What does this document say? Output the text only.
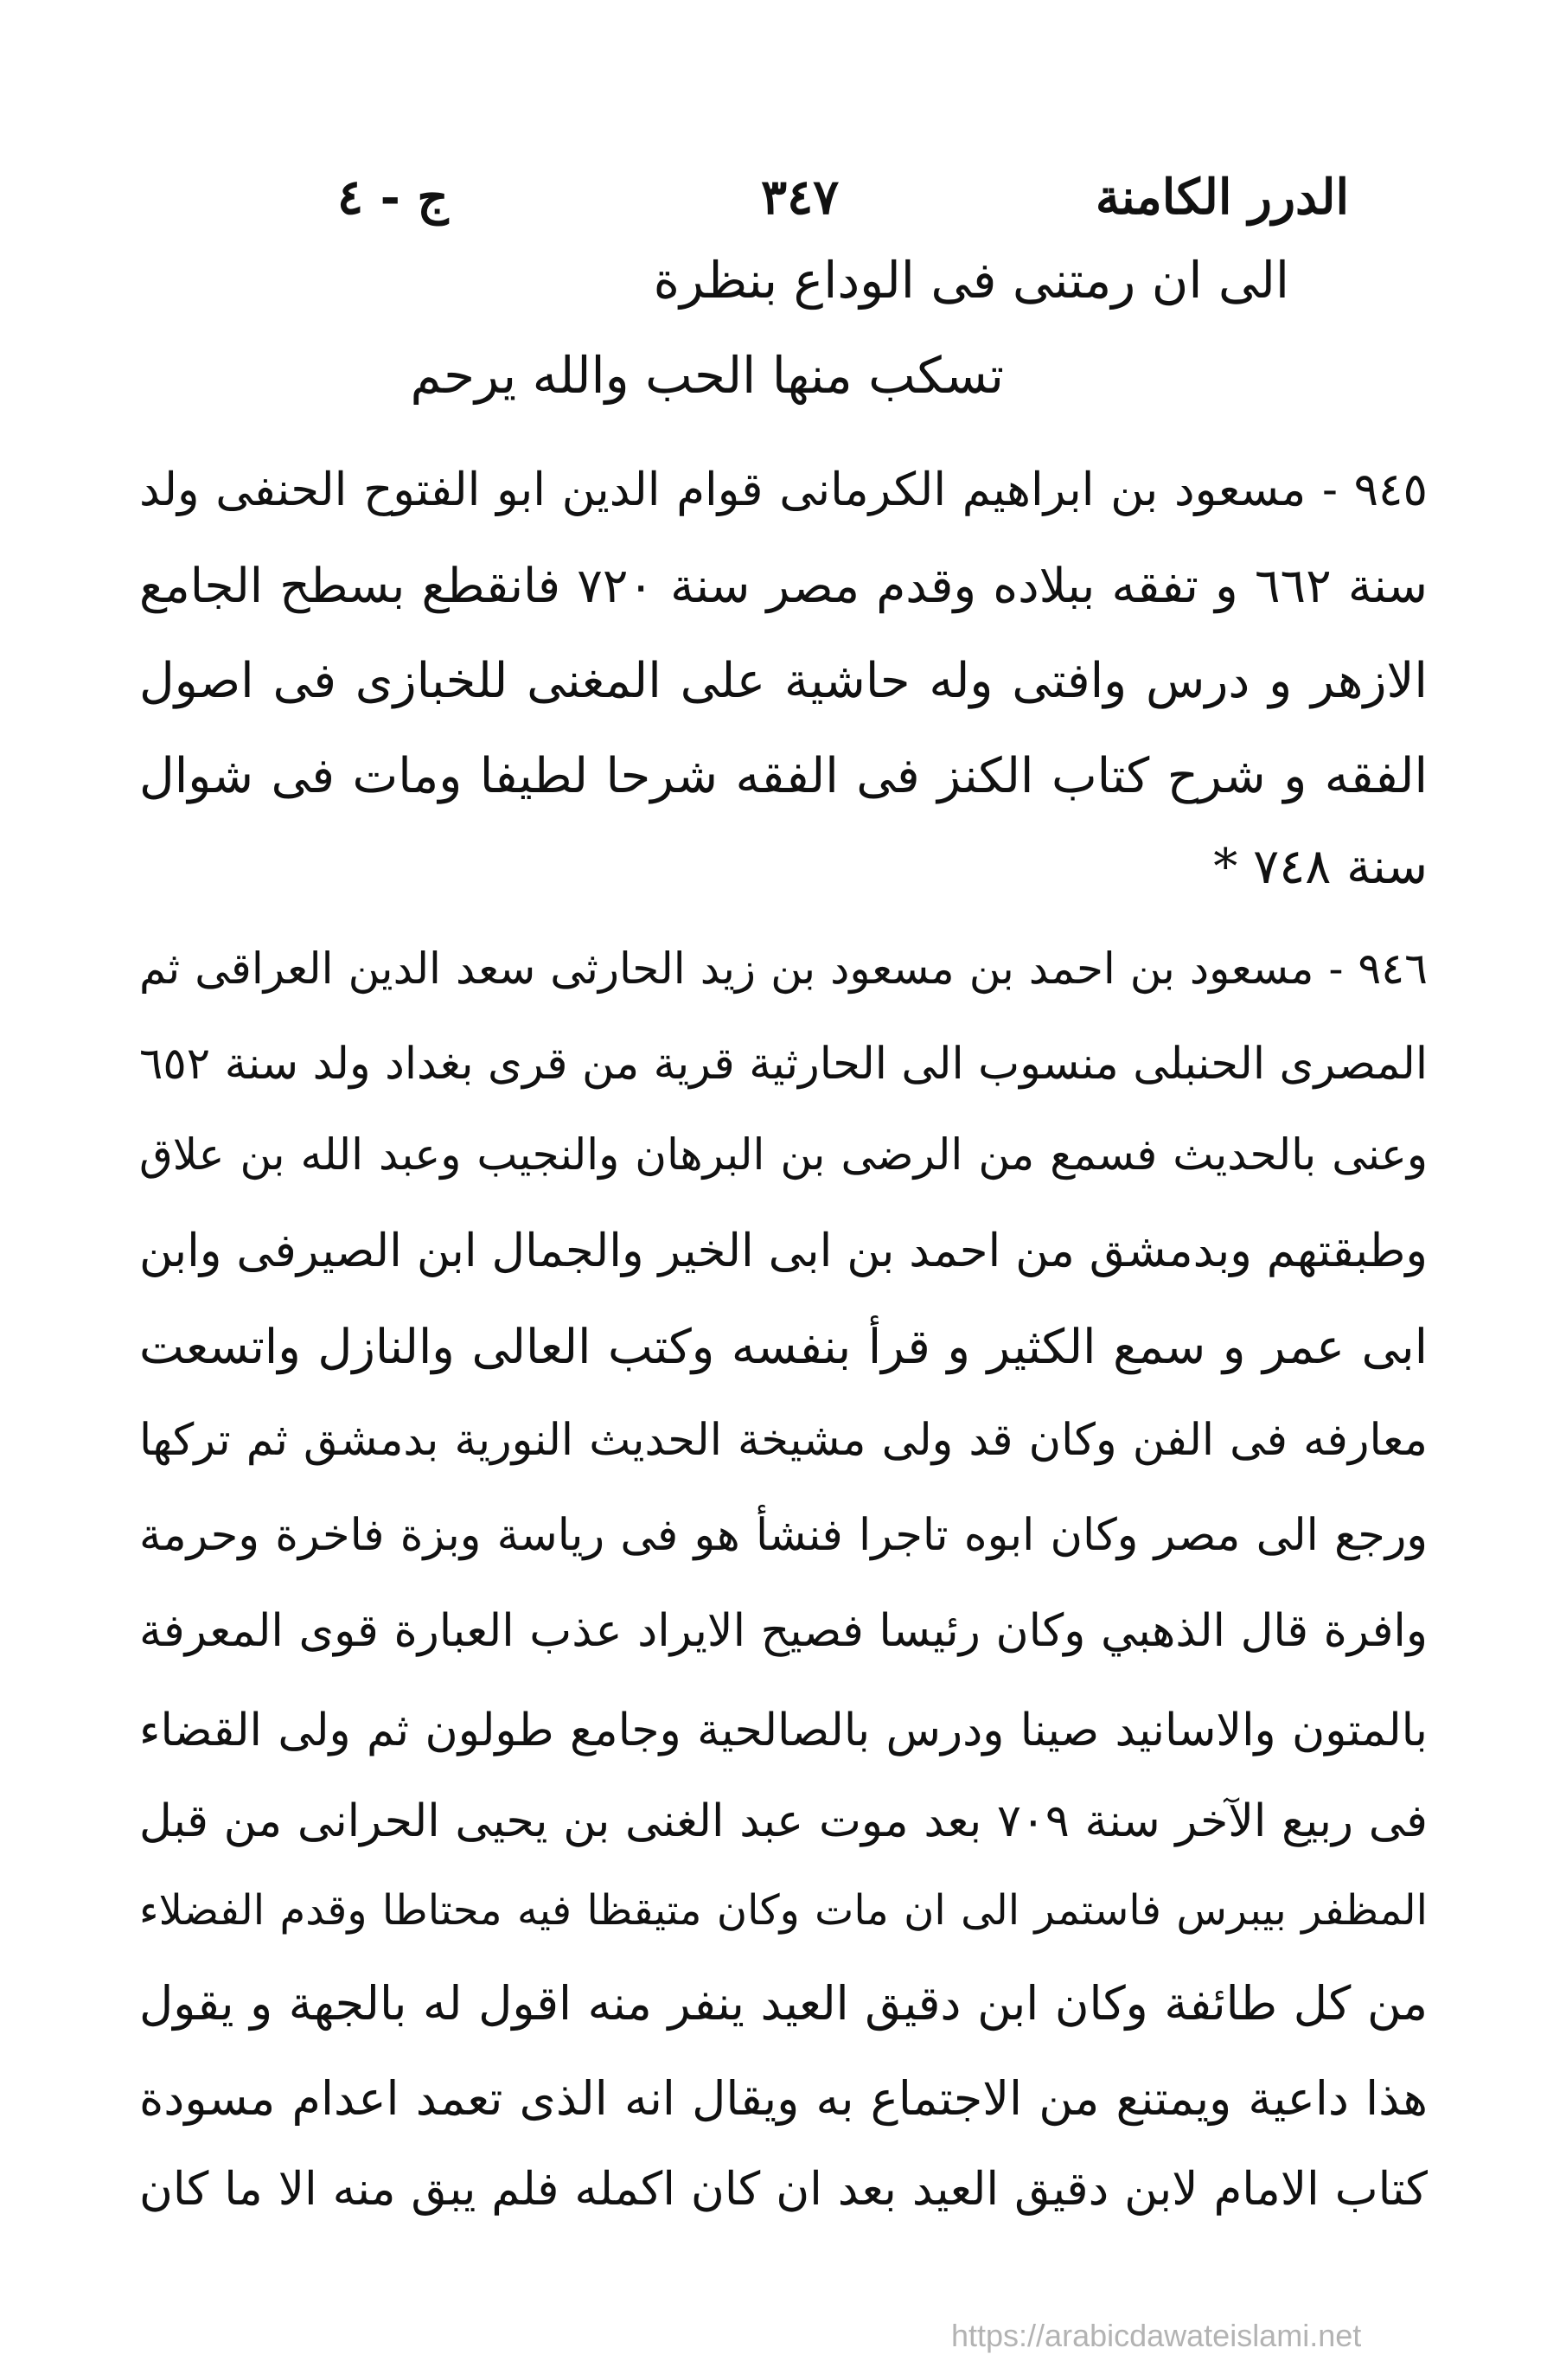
الدرر الكامنة
٣٤٧
ج - ٤
الى ان رمتنى فى الوداع بنظرة
تسكب منها الحب والله يرحم
٩٤٥ - مسعود بن ابراهيم الكرمانى قوام الدين ابو الفتوح الحنفى ولد
سنة ٦٦٢ و تفقه ببلاده وقدم مصر سنة ٧٢٠ فانقطع بسطح الجامع
الازهر و درس وافتى وله حاشية على المغنى للخبازى فى اصول
الفقه و شرح كتاب الكنز فى الفقه شرحا لطيفا ومات فى شوال
سنة ٧٤٨ *
٩٤٦ - مسعود بن احمد بن مسعود بن زيد الحارثى سعد الدين العراقى ثم
المصرى الحنبلى منسوب الى الحارثية قرية من قرى بغداد ولد سنة ٦٥٢
وعنى بالحديث فسمع من الرضى بن البرهان والنجيب وعبد الله بن علاق
وطبقتهم وبدمشق من احمد بن ابى الخير والجمال ابن الصيرفى وابن
ابى عمر و سمع الكثير و قرأ بنفسه وكتب العالى والنازل واتسعت
معارفه فى الفن وكان قد ولى مشيخة الحديث النورية بدمشق ثم تركها
ورجع الى مصر وكان ابوه تاجرا فنشأ هو فى رياسة وبزة فاخرة وحرمة
وافرة قال الذهبي وكان رئيسا فصيح الايراد عذب العبارة قوى المعرفة
بالمتون والاسانيد صينا ودرس بالصالحية وجامع طولون ثم ولى القضاء
فى ربيع الآخر سنة ٧٠٩ بعد موت عبد الغنى بن يحيى الحرانى من قبل
المظفر بيبرس فاستمر الى ان مات وكان متيقظا فيه محتاطا وقدم الفضلاء
من كل طائفة وكان ابن دقيق العيد ينفر منه اقول له بالجهة و يقول
هذا داعية ويمتنع من الاجتماع به ويقال انه الذى تعمد اعدام مسودة
كتاب الامام لابن دقيق العيد بعد ان كان اكمله فلم يبق منه الا ما كان
https://arabicdawateislami.net
